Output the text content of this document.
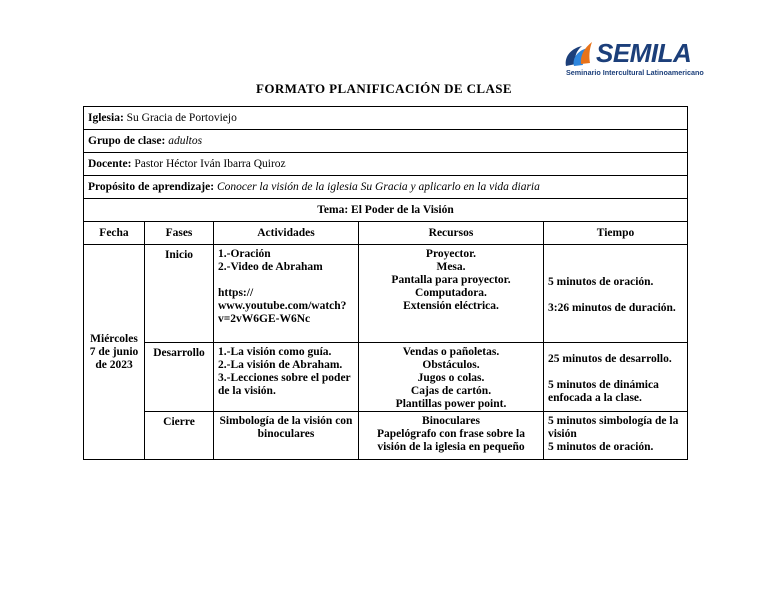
SEMILA
Seminario Intercultural Latinoamericano
FORMATO PLANIFICACIÓN DE CLASE
Iglesia: Su Gracia de Portoviejo				
Grupo de clase: adultos				
Docente: Pastor Héctor Iván Ibarra Quiroz				
Propósito de aprendizaje: Conocer la visión de la iglesia Su Gracia y aplicarlo en la vida diaria				
Tema: El Poder de la Visión				
Fecha	Fases	Actividades	Recursos	Tiempo

Miércoles
7 de junio
de 2023	Inicio	1.-Oración
2.-Video de Abraham
https://
www.youtube.com/watch?
v=2vW6GE-W6Nc	Proyector.
Mesa.
Pantalla para proyector.
Computadora.
Extensión eléctrica.	5 minutos de oración.
3:26 minutos de duración.

	Desarrollo	1.-La visión como guía.
2.-La visión de Abraham.
3.-Lecciones sobre el poder
de la visión.	Vendas o pañoletas.
Obstáculos.
Jugos o colas.
Cajas de cartón.
Plantillas power point.	25 minutos de desarrollo.
5 minutos de dinámica
enfocada a la clase.

	Cierre	Simbología de la visión con
binoculares	Binoculares
Papelógrafo con frase sobre la
visión de la iglesia en pequeño	5 minutos simbología de la
visión
5 minutos de oración.
